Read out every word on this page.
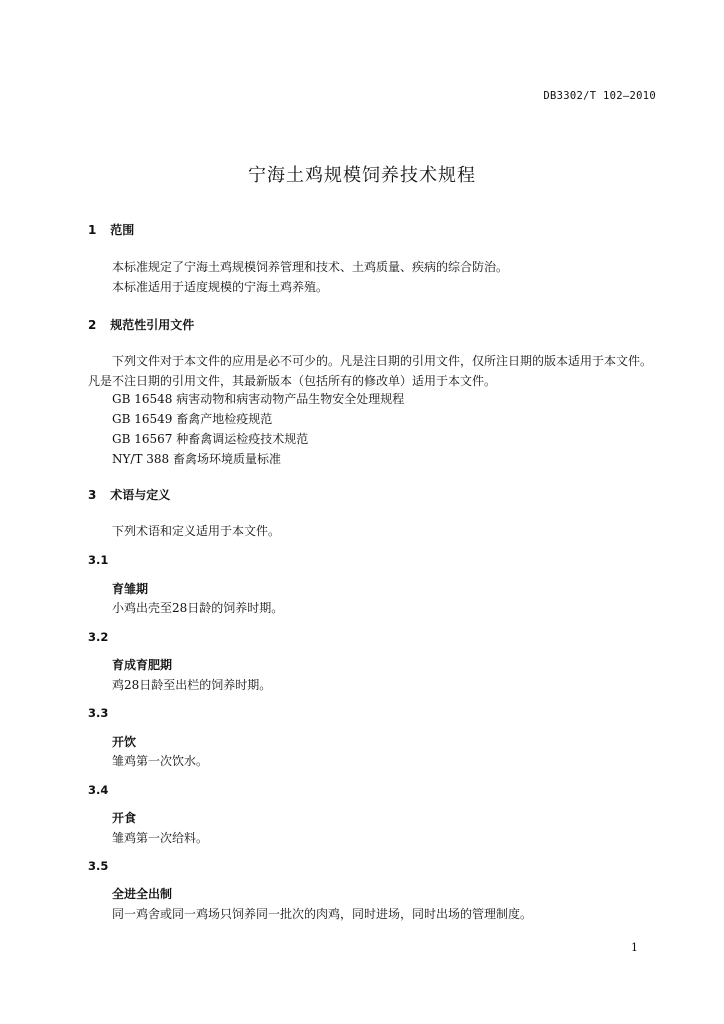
DB3302/T 102—2010
宁海土鸡规模饲养技术规程
1 范围
本标准规定了宁海土鸡规模饲养管理和技术、土鸡质量、疾病的综合防治。
本标准适用于适度规模的宁海土鸡养殖。
2 规范性引用文件
下列文件对于本文件的应用是必不可少的。凡是注日期的引用文件，仅所注日期的版本适用于本文件。凡是不注日期的引用文件，其最新版本（包括所有的修改单）适用于本文件。
GB 16548 病害动物和病害动物产品生物安全处理规程
GB 16549 畜禽产地检疫规范
GB 16567 种畜禽调运检疫技术规范
NY/T 388 畜禽场环境质量标准
3 术语与定义
下列术语和定义适用于本文件。
3.1
育雏期
小鸡出壳至28日龄的饲养时期。
3.2
育成育肥期
鸡28日龄至出栏的饲养时期。
3.3
开饮
雏鸡第一次饮水。
3.4
开食
雏鸡第一次给料。
3.5
全进全出制
同一鸡舍或同一鸡场只饲养同一批次的肉鸡，同时进场，同时出场的管理制度。
1
